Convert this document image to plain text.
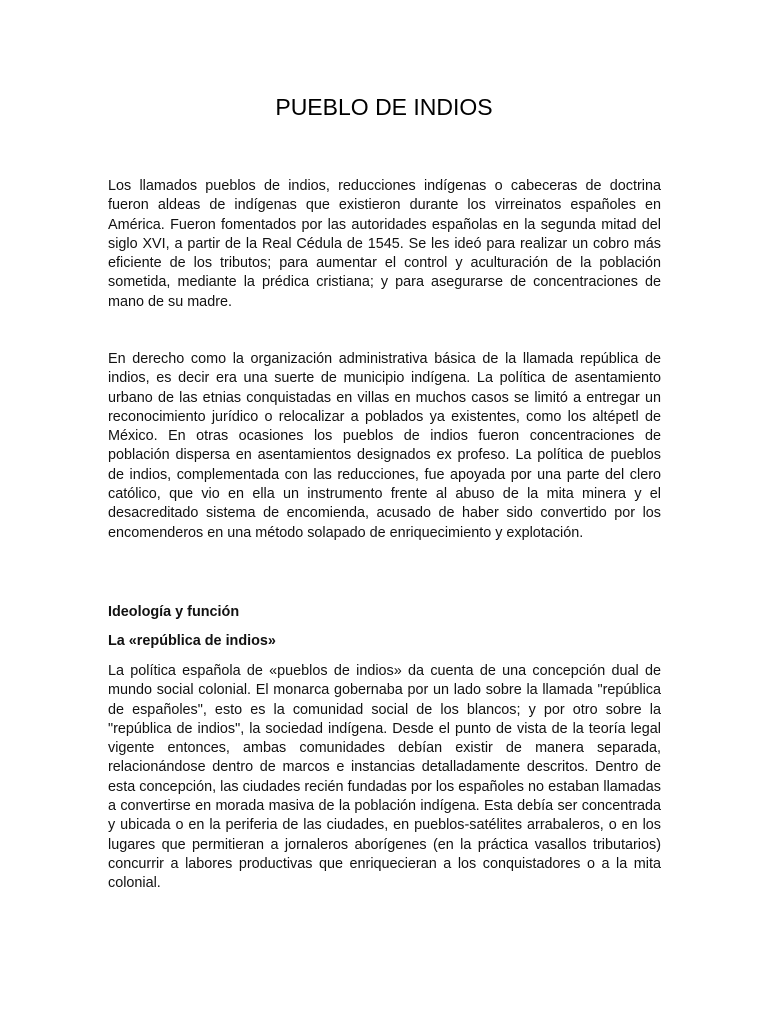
PUEBLO DE INDIOS

Los llamados pueblos de indios, reducciones indígenas o cabeceras de doctrina fueron aldeas de indígenas que existieron durante los virreinatos españoles en América. Fueron fomentados por las autoridades españolas en la segunda mitad del siglo XVI, a partir de la Real Cédula de 1545. Se les ideó para realizar un cobro más eficiente de los tributos; para aumentar el control y aculturación de la población sometida, mediante la prédica cristiana; y para asegurarse de concentraciones de mano de su madre.

En derecho como la organización administrativa básica de la llamada república de indios, es decir era una suerte de municipio indígena. La política de asentamiento urbano de las etnias conquistadas en villas en muchos casos se limitó a entregar un reconocimiento jurídico o relocalizar a poblados ya existentes, como los altépetl de México. En otras ocasiones los pueblos de indios fueron concentraciones de población dispersa en asentamientos designados ex profeso. La política de pueblos de indios, complementada con las reducciones, fue apoyada por una parte del clero católico, que vio en ella un instrumento frente al abuso de la mita minera y el desacreditado sistema de encomienda, acusado de haber sido convertido por los encomenderos en una método solapado de enriquecimiento y explotación.

Ideología y función
La «república de indios»

La política española de «pueblos de indios» da cuenta de una concepción dual de mundo social colonial. El monarca gobernaba por un lado sobre la llamada "república de españoles", esto es la comunidad social de los blancos; y por otro sobre la "república de indios", la sociedad indígena. Desde el punto de vista de la teoría legal vigente entonces, ambas comunidades debían existir de manera separada, relacionándose dentro de marcos e instancias detalladamente descritos. Dentro de esta concepción, las ciudades recién fundadas por los españoles no estaban llamadas a convertirse en morada masiva de la población indígena. Esta debía ser concentrada y ubicada o en la periferia de las ciudades, en pueblos-satélites arrabaleros, o en los lugares que permitieran a jornaleros aborígenes (en la práctica vasallos tributarios) concurrir a labores productivas que enriquecieran a los conquistadores o a la mita colonial.
